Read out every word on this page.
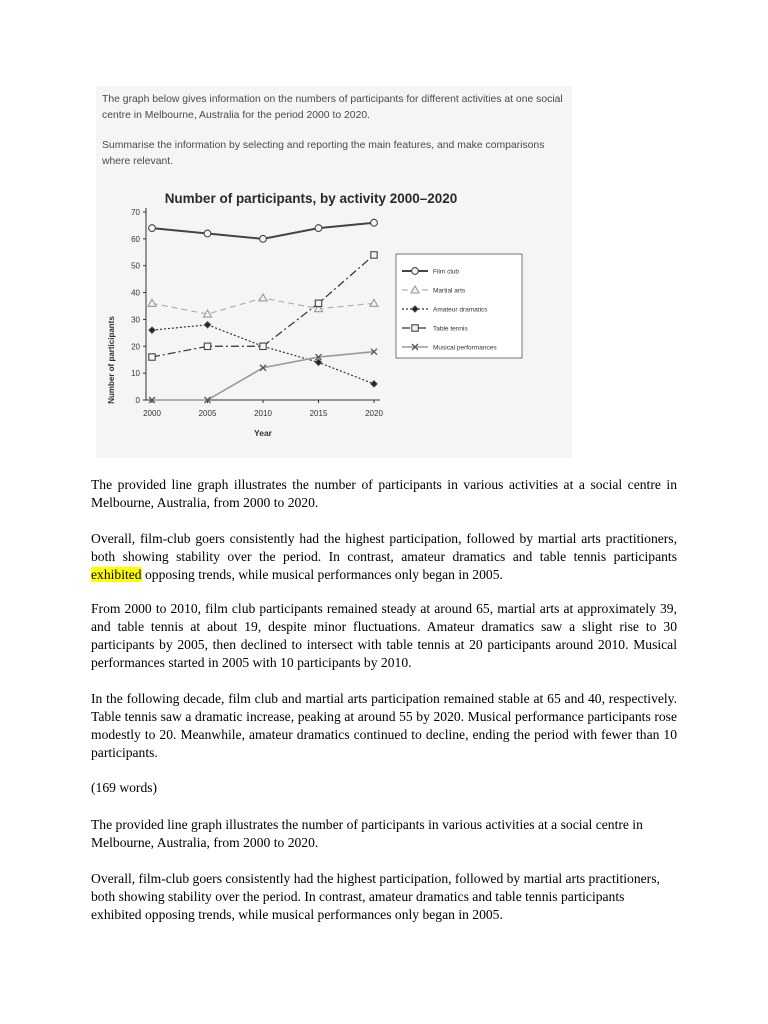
The graph below gives information on the numbers of participants for different activities at one social centre in Melbourne, Australia for the period 2000 to 2020.

Summarise the information by selecting and reporting the main features, and make comparisons where relevant.

Number of participants, by activity 2000–2020
Number of participants
Year
0
10
20
30
40
50
60
70
2000	2005	2010	2015	2020
Film club
Martial arts
Amateur dramatics
Table tennis
Musical performances

The provided line graph illustrates the number of participants in various activities at a social centre in Melbourne, Australia, from 2000 to 2020.

Overall, film-club goers consistently had the highest participation, followed by martial arts practitioners, both showing stability over the period. In contrast, amateur dramatics and table tennis participants exhibited opposing trends, while musical performances only began in 2005.

From 2000 to 2010, film club participants remained steady at around 65, martial arts at approximately 39, and table tennis at about 19, despite minor fluctuations. Amateur dramatics saw a slight rise to 30 participants by 2005, then declined to intersect with table tennis at 20 participants around 2010. Musical performances started in 2005 with 10 participants by 2010.

In the following decade, film club and martial arts participation remained stable at 65 and 40, respectively. Table tennis saw a dramatic increase, peaking at around 55 by 2020. Musical performance participants rose modestly to 20. Meanwhile, amateur dramatics continued to decline, ending the period with fewer than 10 participants.

(169 words)

The provided line graph illustrates the number of participants in various activities at a social centre in Melbourne, Australia, from 2000 to 2020.

Overall, film-club goers consistently had the highest participation, followed by martial arts practitioners, both showing stability over the period. In contrast, amateur dramatics and table tennis participants exhibited opposing trends, while musical performances only began in 2005.
